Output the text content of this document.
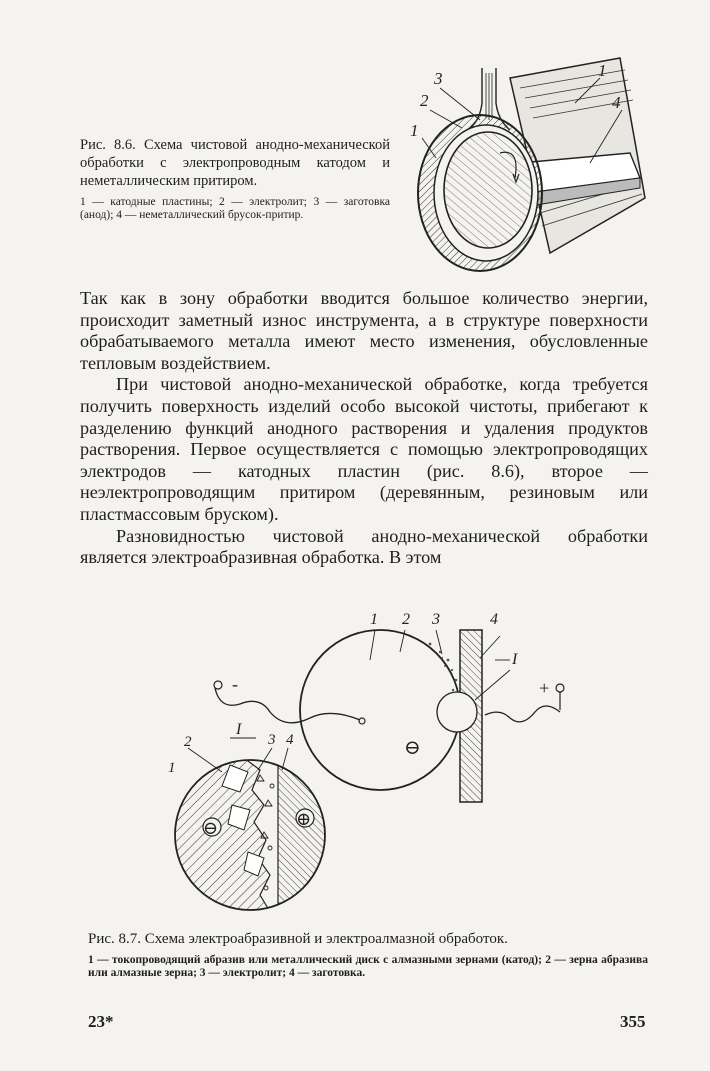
3
2
1
1
4
Рис. 8.6. Схема чистовой анодно-механической обработки с электропроводным катодом и неметаллическим притиром.
1 — катодные пластины; 2 — электролит; 3 — заготовка (анод); 4 — неметаллический брусок-притир.

Так как в зону обработки вводится большое количество энергии, происходит заметный износ инструмента, а в структуре поверхности обрабатываемого металла имеют место изменения, обусловленные тепловым воздействием.

При чистовой анодно-механической обработке, когда требуется получить поверхность изделий особо высокой чистоты, прибегают к разделению функций анодного растворения и удаления продуктов растворения. Первое осуществляется с помощью электропроводящих электродов — катодных пластин (рис. 8.6), второе — неэлектропроводящим притиром (деревянным, резиновым или пластмассовым бруском).

Разновидностью чистовой анодно-механической обработки является электроабразивная обработка. В этом

-	+
⊖
1 2 3	4
I
I
2	3 4
1
⊖	⊕
Рис. 8.7. Схема электроабразивной и электроалмазной обработок.
1 — токопроводящий абразив или металлический диск с алмазными зернами (катод); 2 — зерна абразива или алмазные зерна; 3 — электролит; 4 — заготовка.
23*	355
